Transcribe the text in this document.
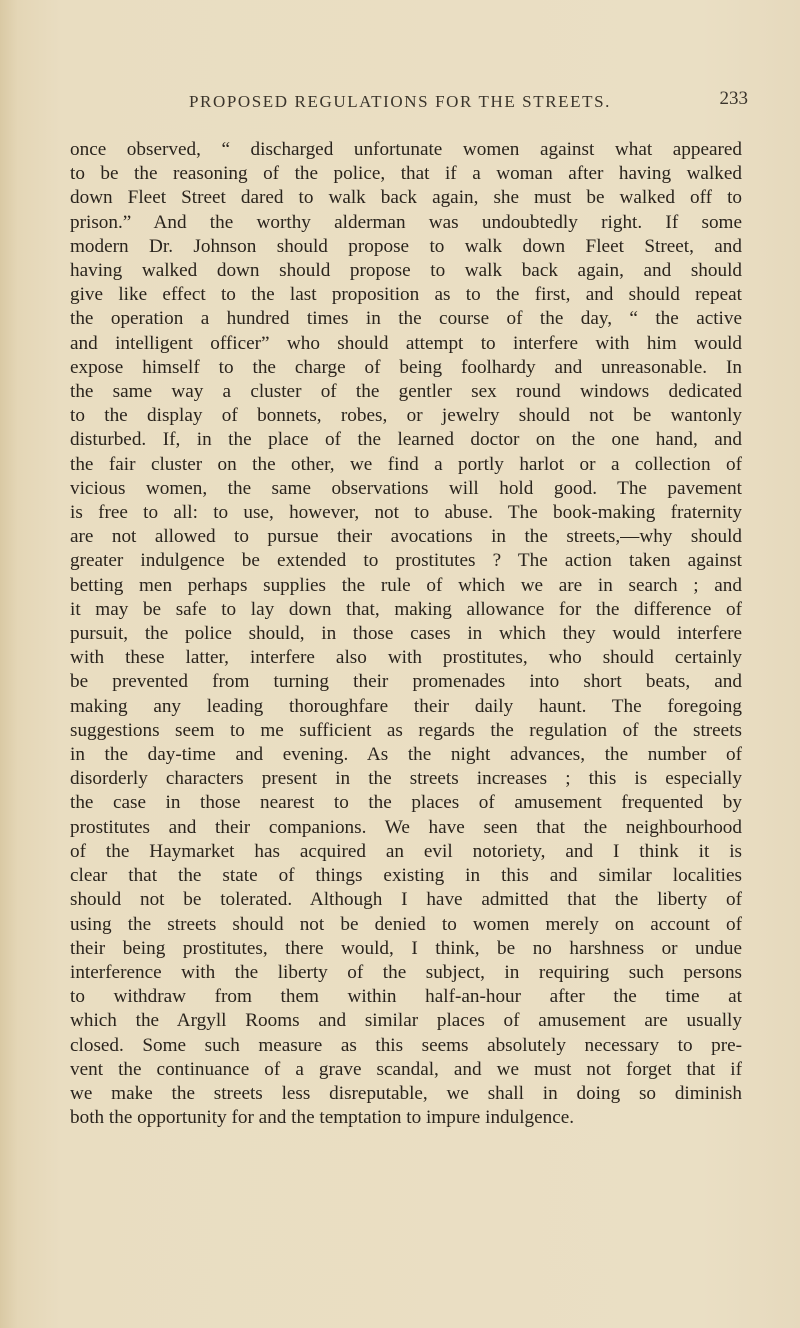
PROPOSED REGULATIONS FOR THE STREETS.	233
once observed, “ discharged unfortunate women against what appeared
to be the reasoning of the police, that if a woman after having walked
down Fleet Street dared to walk back again, she must be walked off to
prison.” And the worthy alderman was undoubtedly right. If some
modern Dr. Johnson should propose to walk down Fleet Street, and
having walked down should propose to walk back again, and should
give like effect to the last proposition as to the first, and should repeat
the operation a hundred times in the course of the day, “ the active
and intelligent officer” who should attempt to interfere with him would
expose himself to the charge of being foolhardy and unreasonable. In
the same way a cluster of the gentler sex round windows dedicated
to the display of bonnets, robes, or jewelry should not be wantonly
disturbed. If, in the place of the learned doctor on the one hand, and
the fair cluster on the other, we find a portly harlot or a collection of
vicious women, the same observations will hold good. The pavement
is free to all: to use, however, not to abuse. The book-making fraternity
are not allowed to pursue their avocations in the streets,—why should
greater indulgence be extended to prostitutes ? The action taken against
betting men perhaps supplies the rule of which we are in search ; and
it may be safe to lay down that, making allowance for the difference of
pursuit, the police should, in those cases in which they would interfere
with these latter, interfere also with prostitutes, who should certainly
be prevented from turning their promenades into short beats, and
making any leading thoroughfare their daily haunt. The foregoing
suggestions seem to me sufficient as regards the regulation of the streets
in the day-time and evening. As the night advances, the number of
disorderly characters present in the streets increases ; this is especially
the case in those nearest to the places of amusement frequented by
prostitutes and their companions. We have seen that the neighbourhood
of the Haymarket has acquired an evil notoriety, and I think it is
clear that the state of things existing in this and similar localities
should not be tolerated. Although I have admitted that the liberty of
using the streets should not be denied to women merely on account of
their being prostitutes, there would, I think, be no harshness or undue
interference with the liberty of the subject, in requiring such persons
to withdraw from them within half-an-hour after the time at
which the Argyll Rooms and similar places of amusement are usually
closed. Some such measure as this seems absolutely necessary to pre-
vent the continuance of a grave scandal, and we must not forget that if
we make the streets less disreputable, we shall in doing so diminish
both the opportunity for and the temptation to impure indulgence.
